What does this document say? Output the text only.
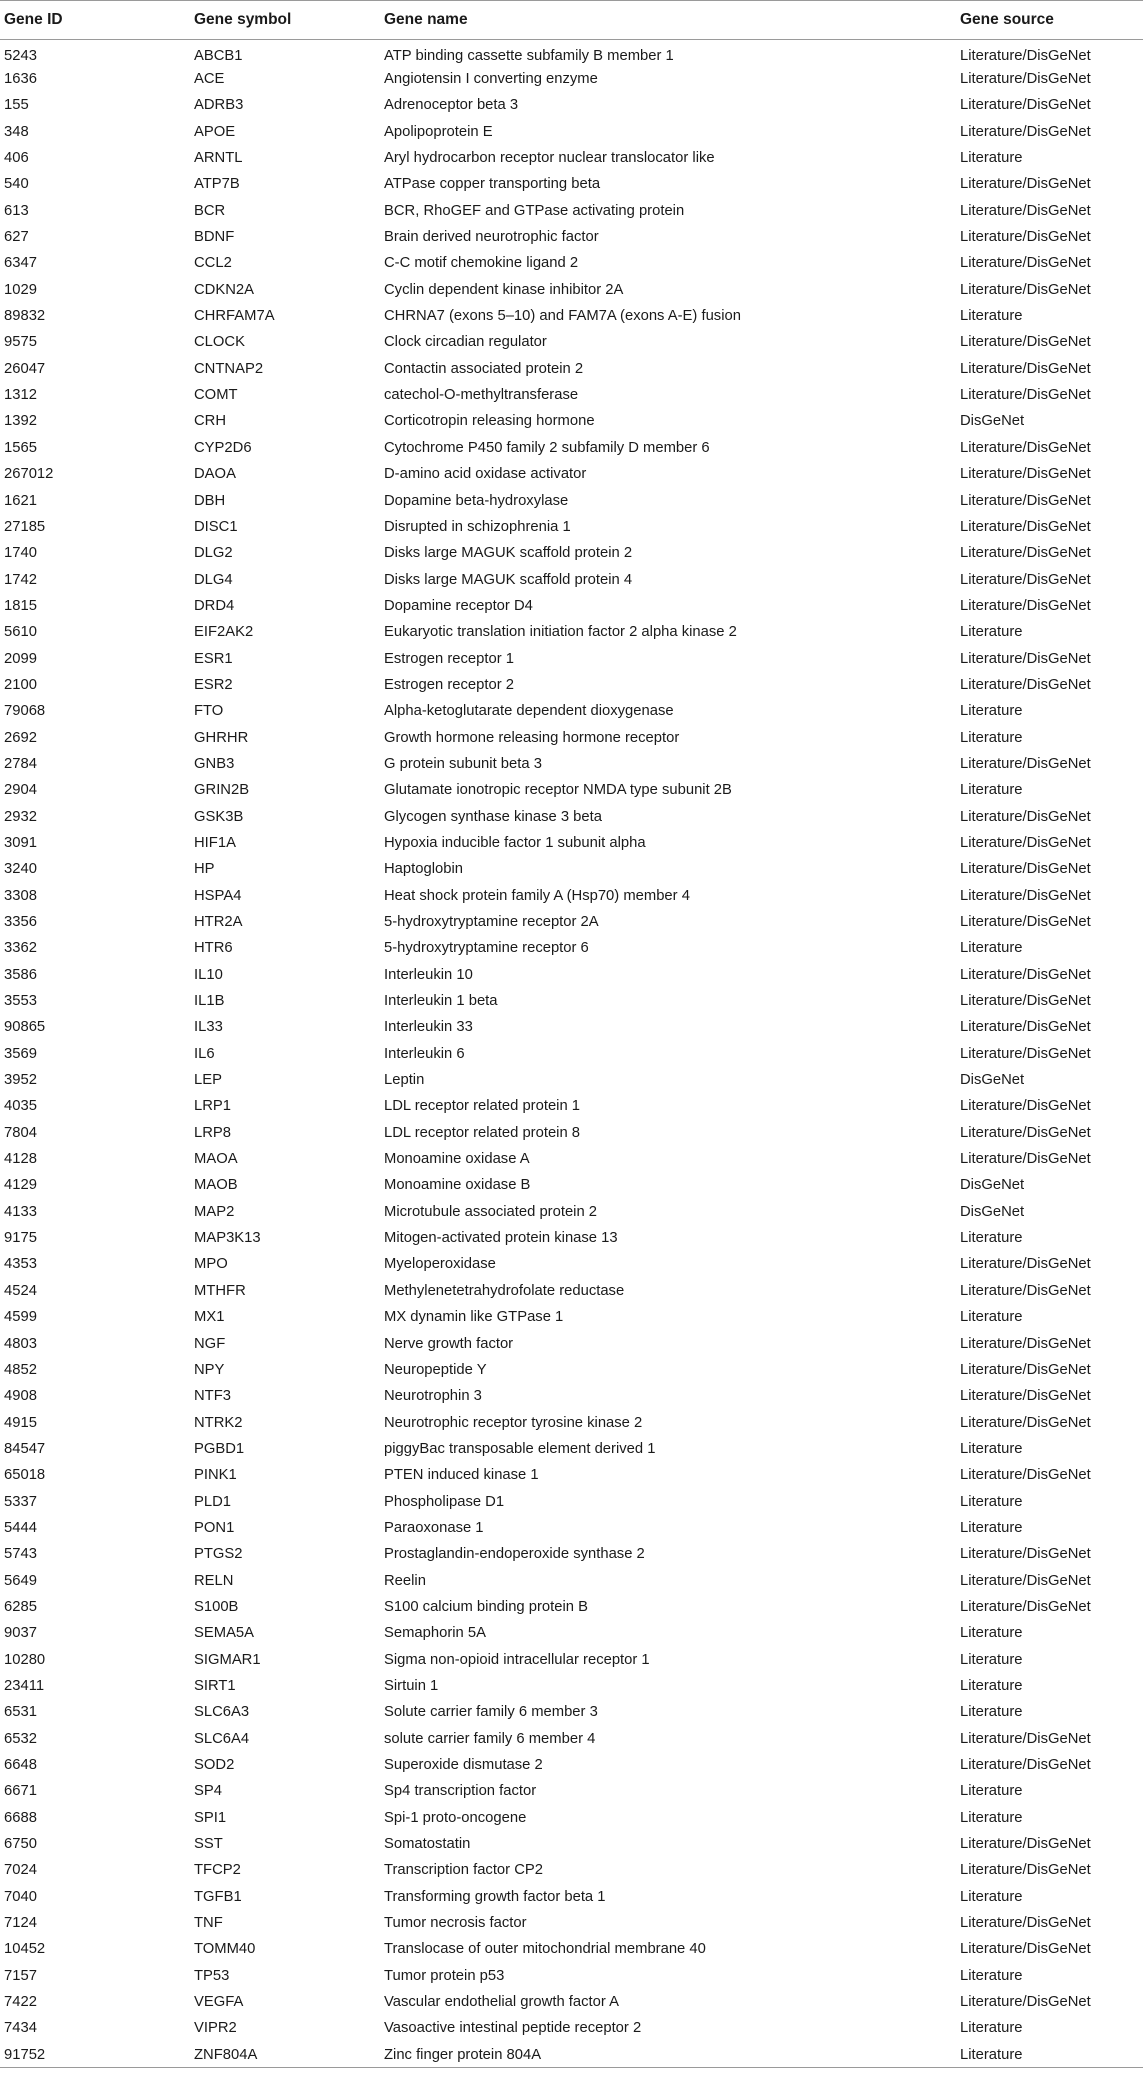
Gene ID	Gene symbol	Gene name	Gene source
5243	ABCB1	ATP binding cassette subfamily B member 1	Literature/DisGeNet
1636	ACE	Angiotensin I converting enzyme	Literature/DisGeNet
155	ADRB3	Adrenoceptor beta 3	Literature/DisGeNet
348	APOE	Apolipoprotein E	Literature/DisGeNet
406	ARNTL	Aryl hydrocarbon receptor nuclear translocator like	Literature
540	ATP7B	ATPase copper transporting beta	Literature/DisGeNet
613	BCR	BCR, RhoGEF and GTPase activating protein	Literature/DisGeNet
627	BDNF	Brain derived neurotrophic factor	Literature/DisGeNet
6347	CCL2	C-C motif chemokine ligand 2	Literature/DisGeNet
1029	CDKN2A	Cyclin dependent kinase inhibitor 2A	Literature/DisGeNet
89832	CHRFAM7A	CHRNA7 (exons 5–10) and FAM7A (exons A-E) fusion	Literature
9575	CLOCK	Clock circadian regulator	Literature/DisGeNet
26047	CNTNAP2	Contactin associated protein 2	Literature/DisGeNet
1312	COMT	catechol-O-methyltransferase	Literature/DisGeNet
1392	CRH	Corticotropin releasing hormone	DisGeNet
1565	CYP2D6	Cytochrome P450 family 2 subfamily D member 6	Literature/DisGeNet
267012	DAOA	D-amino acid oxidase activator	Literature/DisGeNet
1621	DBH	Dopamine beta-hydroxylase	Literature/DisGeNet
27185	DISC1	Disrupted in schizophrenia 1	Literature/DisGeNet
1740	DLG2	Disks large MAGUK scaffold protein 2	Literature/DisGeNet
1742	DLG4	Disks large MAGUK scaffold protein 4	Literature/DisGeNet
1815	DRD4	Dopamine receptor D4	Literature/DisGeNet
5610	EIF2AK2	Eukaryotic translation initiation factor 2 alpha kinase 2	Literature
2099	ESR1	Estrogen receptor 1	Literature/DisGeNet
2100	ESR2	Estrogen receptor 2	Literature/DisGeNet
79068	FTO	Alpha-ketoglutarate dependent dioxygenase	Literature
2692	GHRHR	Growth hormone releasing hormone receptor	Literature
2784	GNB3	G protein subunit beta 3	Literature/DisGeNet
2904	GRIN2B	Glutamate ionotropic receptor NMDA type subunit 2B	Literature
2932	GSK3B	Glycogen synthase kinase 3 beta	Literature/DisGeNet
3091	HIF1A	Hypoxia inducible factor 1 subunit alpha	Literature/DisGeNet
3240	HP	Haptoglobin	Literature/DisGeNet
3308	HSPA4	Heat shock protein family A (Hsp70) member 4	Literature/DisGeNet
3356	HTR2A	5-hydroxytryptamine receptor 2A	Literature/DisGeNet
3362	HTR6	5-hydroxytryptamine receptor 6	Literature
3586	IL10	Interleukin 10	Literature/DisGeNet
3553	IL1B	Interleukin 1 beta	Literature/DisGeNet
90865	IL33	Interleukin 33	Literature/DisGeNet
3569	IL6	Interleukin 6	Literature/DisGeNet
3952	LEP	Leptin	DisGeNet
4035	LRP1	LDL receptor related protein 1	Literature/DisGeNet
7804	LRP8	LDL receptor related protein 8	Literature/DisGeNet
4128	MAOA	Monoamine oxidase A	Literature/DisGeNet
4129	MAOB	Monoamine oxidase B	DisGeNet
4133	MAP2	Microtubule associated protein 2	DisGeNet
9175	MAP3K13	Mitogen-activated protein kinase 13	Literature
4353	MPO	Myeloperoxidase	Literature/DisGeNet
4524	MTHFR	Methylenetetrahydrofolate reductase	Literature/DisGeNet
4599	MX1	MX dynamin like GTPase 1	Literature
4803	NGF	Nerve growth factor	Literature/DisGeNet
4852	NPY	Neuropeptide Y	Literature/DisGeNet
4908	NTF3	Neurotrophin 3	Literature/DisGeNet
4915	NTRK2	Neurotrophic receptor tyrosine kinase 2	Literature/DisGeNet
84547	PGBD1	piggyBac transposable element derived 1	Literature
65018	PINK1	PTEN induced kinase 1	Literature/DisGeNet
5337	PLD1	Phospholipase D1	Literature
5444	PON1	Paraoxonase 1	Literature
5743	PTGS2	Prostaglandin-endoperoxide synthase 2	Literature/DisGeNet
5649	RELN	Reelin	Literature/DisGeNet
6285	S100B	S100 calcium binding protein B	Literature/DisGeNet
9037	SEMA5A	Semaphorin 5A	Literature
10280	SIGMAR1	Sigma non-opioid intracellular receptor 1	Literature
23411	SIRT1	Sirtuin 1	Literature
6531	SLC6A3	Solute carrier family 6 member 3	Literature
6532	SLC6A4	solute carrier family 6 member 4	Literature/DisGeNet
6648	SOD2	Superoxide dismutase 2	Literature/DisGeNet
6671	SP4	Sp4 transcription factor	Literature
6688	SPI1	Spi-1 proto-oncogene	Literature
6750	SST	Somatostatin	Literature/DisGeNet
7024	TFCP2	Transcription factor CP2	Literature/DisGeNet
7040	TGFB1	Transforming growth factor beta 1	Literature
7124	TNF	Tumor necrosis factor	Literature/DisGeNet
10452	TOMM40	Translocase of outer mitochondrial membrane 40	Literature/DisGeNet
7157	TP53	Tumor protein p53	Literature
7422	VEGFA	Vascular endothelial growth factor A	Literature/DisGeNet
7434	VIPR2	Vasoactive intestinal peptide receptor 2	Literature
91752	ZNF804A	Zinc finger protein 804A	Literature
